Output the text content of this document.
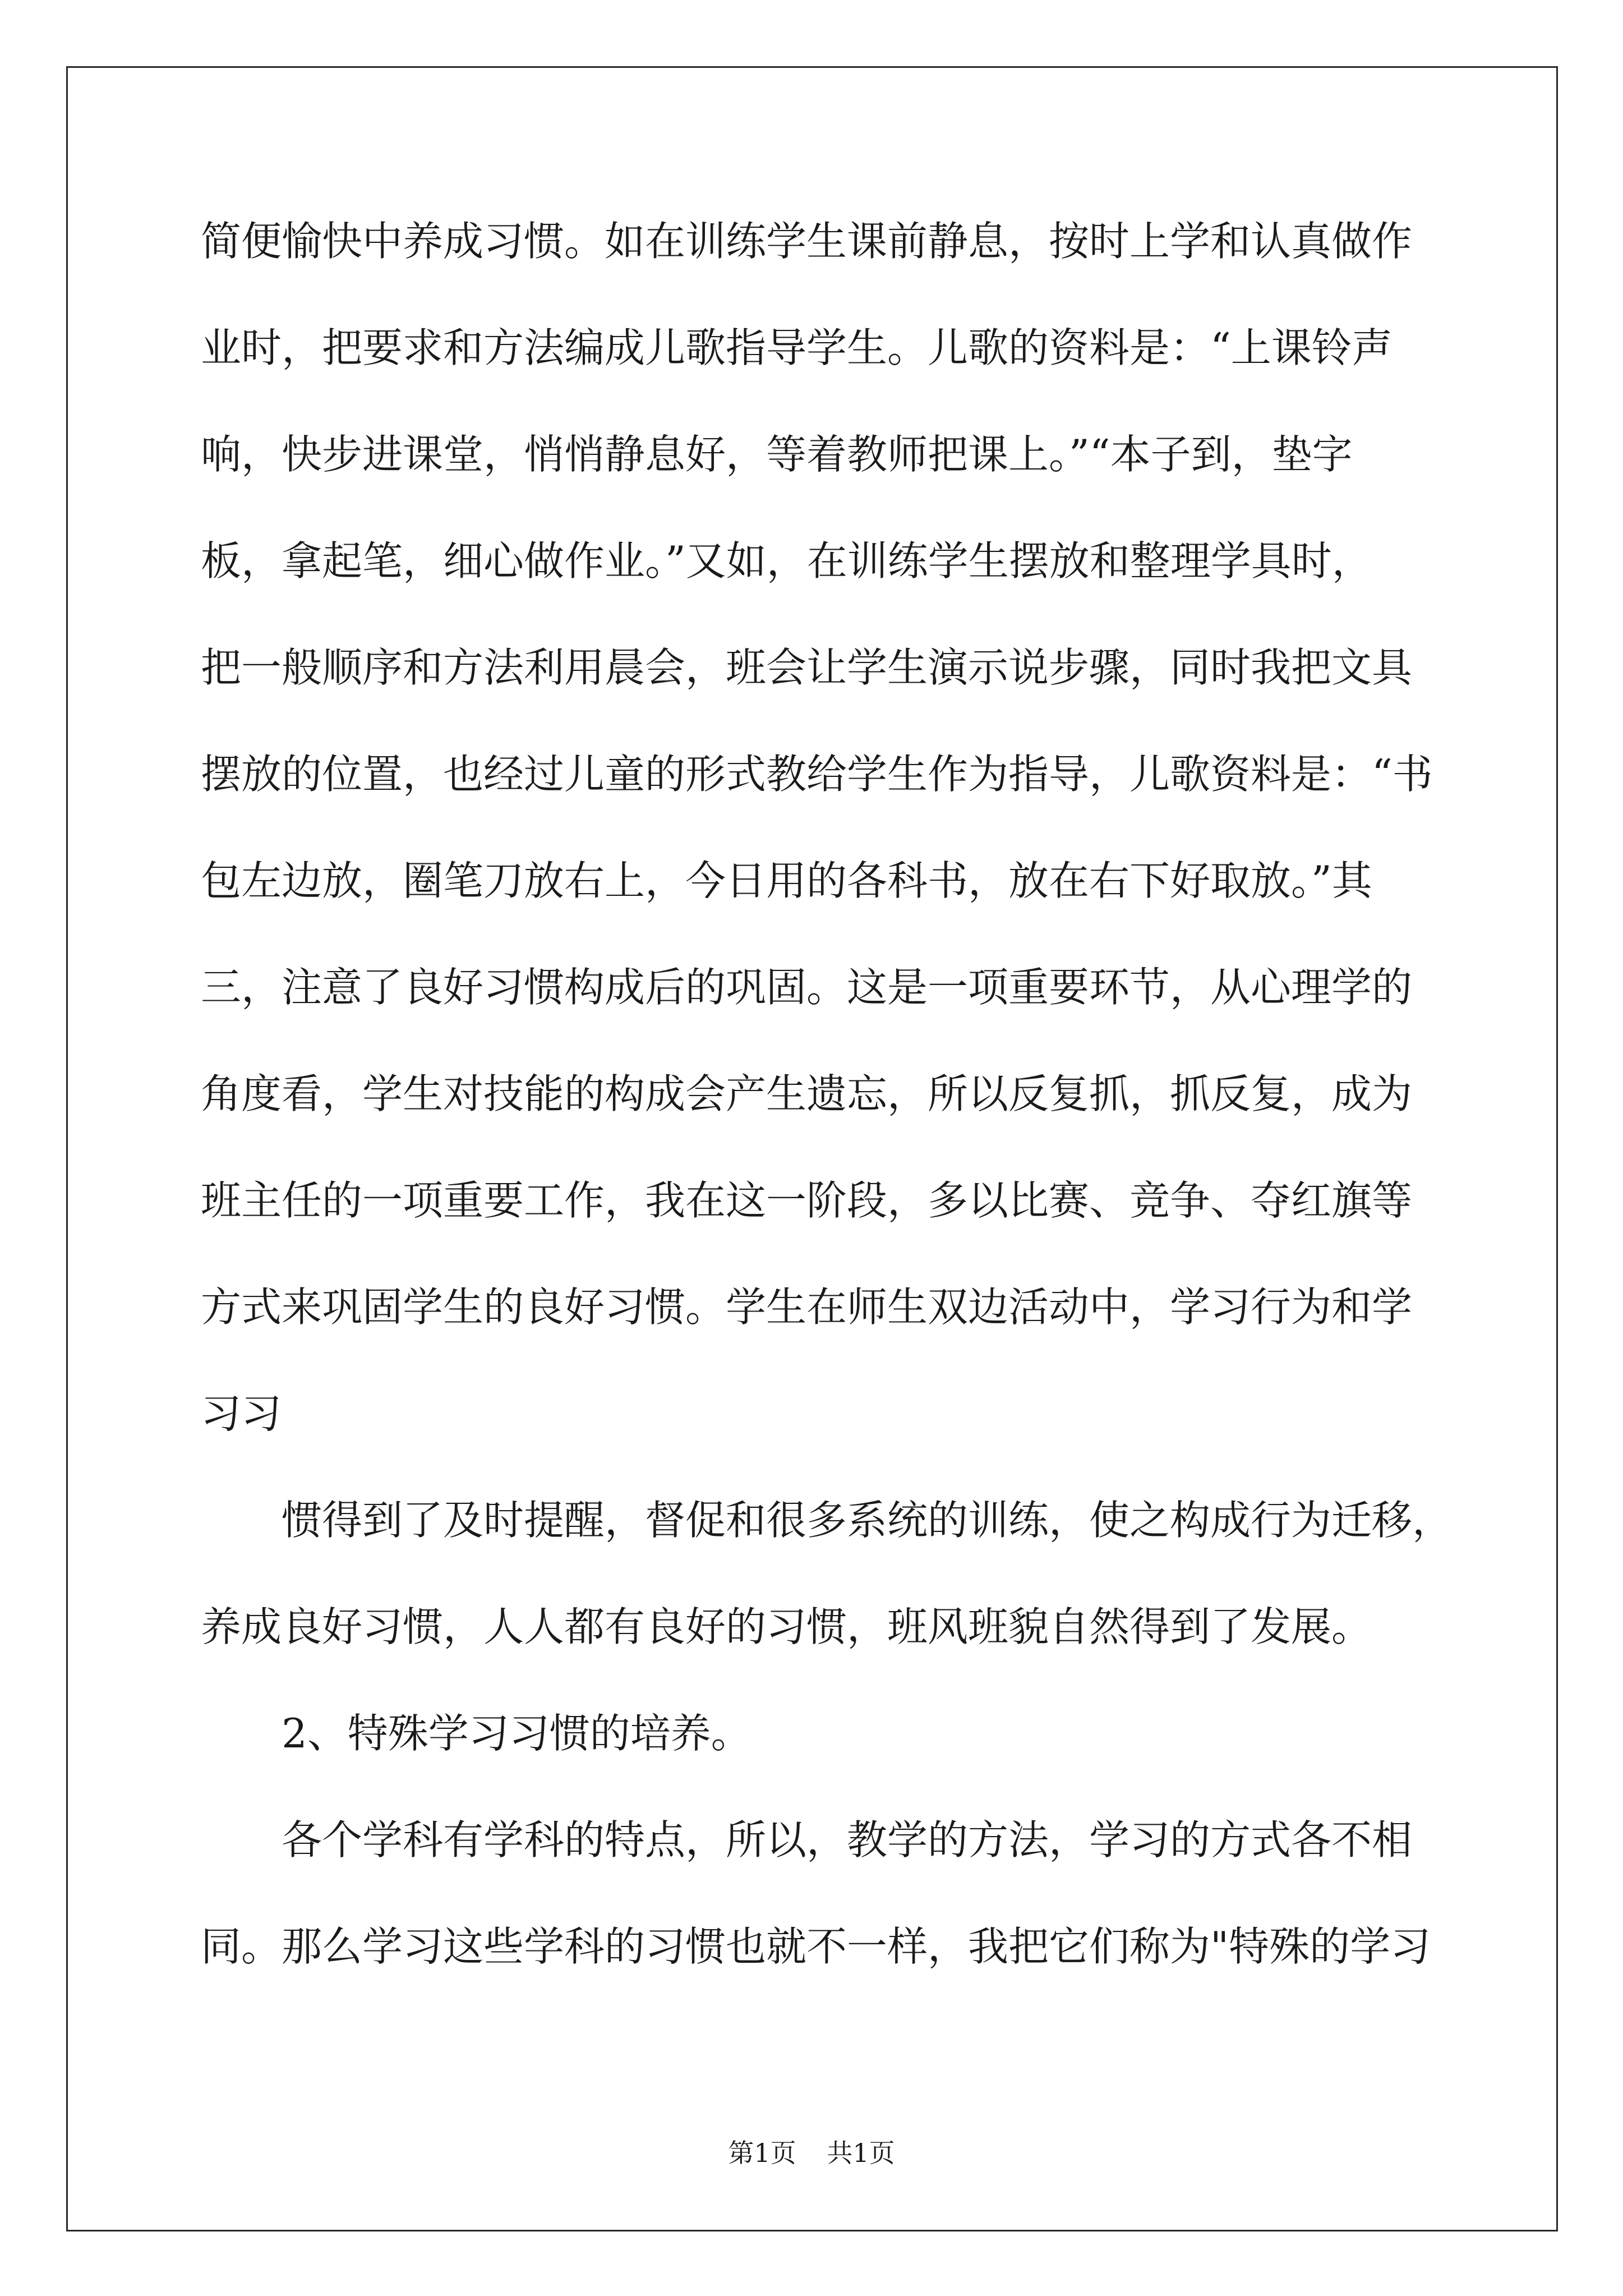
简便愉快中养成习惯。如在训练学生课前静息，按时上学和认真做作
业时，把要求和方法编成儿歌指导学生。儿歌的资料是：“上课铃声
响，快步进课堂，悄悄静息好，等着教师把课上。”“本子到，垫字
板，拿起笔，细心做作业。”又如，在训练学生摆放和整理学具时，
把一般顺序和方法利用晨会，班会让学生演示说步骤，同时我把文具
摆放的位置，也经过儿童的形式教给学生作为指导，儿歌资料是：“书
包左边放，圈笔刀放右上，今日用的各科书，放在右下好取放。”其
三，注意了良好习惯构成后的巩固。这是一项重要环节，从心理学的
角度看，学生对技能的构成会产生遗忘，所以反复抓，抓反复，成为
班主任的一项重要工作，我在这一阶段，多以比赛、竞争、夺红旗等
方式来巩固学生的良好习惯。学生在师生双边活动中，学习行为和学
习习
惯得到了及时提醒，督促和很多系统的训练，使之构成行为迁移，
养成良好习惯，人人都有良好的习惯，班风班貌自然得到了发展。
2、特殊学习习惯的培养。
各个学科有学科的特点，所以，教学的方法，学习的方式各不相
同。那么学习这些学科的习惯也就不一样，我把它们称为"特殊的学习
第1页 共1页
